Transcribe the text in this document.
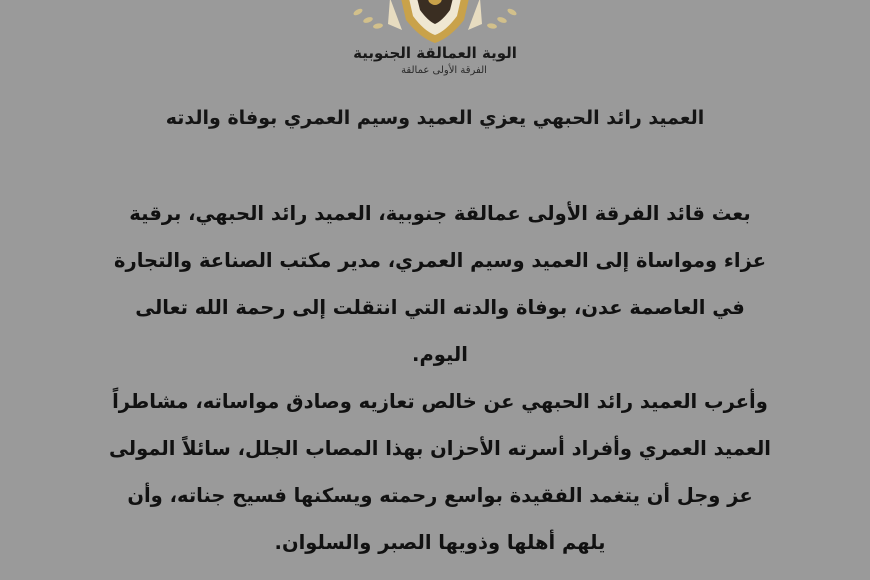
الوية العمالقة الجنوبية
الفرقة الأولى عمالقة
العميد رائد الحبهي يعزي العميد وسيم العمري بوفاة والدته
بعث قائد الفرقة الأولى عمالقة جنوبية، العميد رائد الحبهي، برقية
عزاء ومواساة إلى العميد وسيم العمري، مدير مكتب الصناعة والتجارة
في العاصمة عدن، بوفاة والدته التي انتقلت إلى رحمة الله تعالى
اليوم.
وأعرب العميد رائد الحبهي عن خالص تعازيه وصادق مواساته، مشاطراً
العميد العمري وأفراد أسرته الأحزان بهذا المصاب الجلل، سائلاً المولى
عز وجل أن يتغمد الفقيدة بواسع رحمته ويسكنها فسيح جناته، وأن
يلهم أهلها وذويها الصبر والسلوان.
